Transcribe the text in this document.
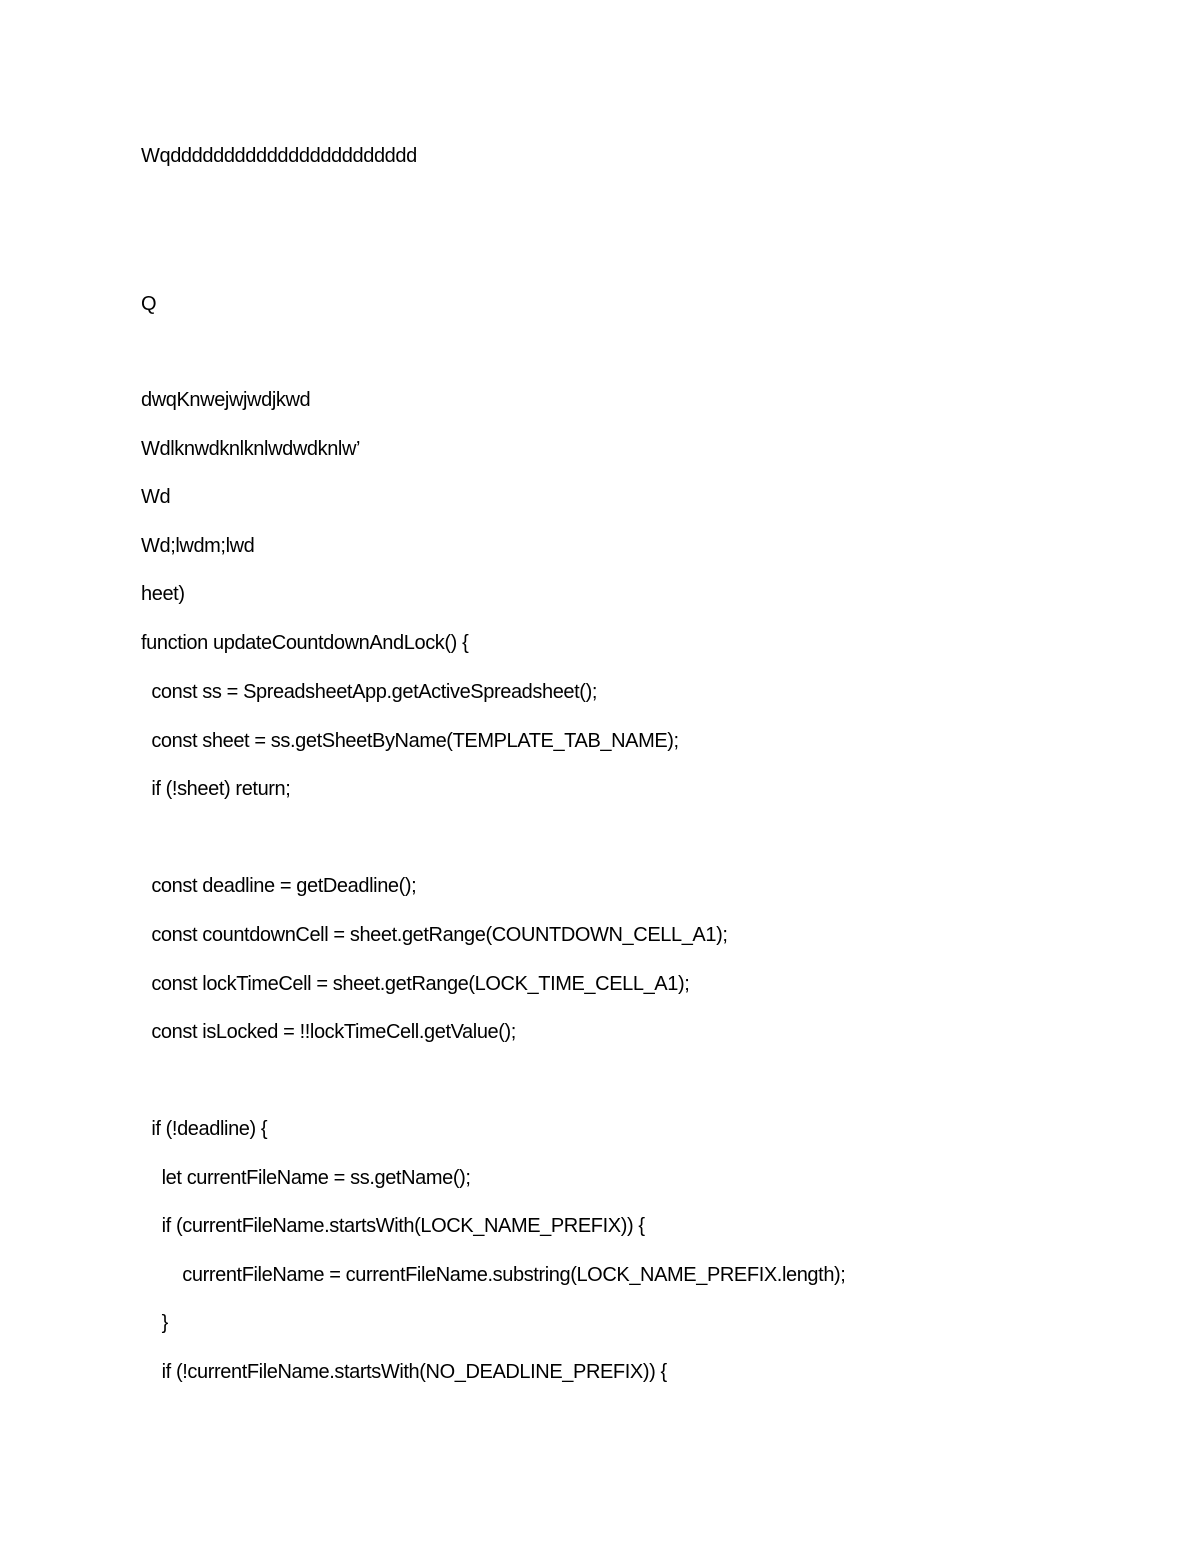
Wqddddddddddddddddddddddd
Q
dwqKnwejwjwdjkwd
Wdlknwdknlknlwdwdknlw’
Wd
Wd;lwdm;lwd
heet)
function updateCountdownAndLock() {
const ss = SpreadsheetApp.getActiveSpreadsheet();
const sheet = ss.getSheetByName(TEMPLATE_TAB_NAME);
if (!sheet) return;
const deadline = getDeadline();
const countdownCell = sheet.getRange(COUNTDOWN_CELL_A1);
const lockTimeCell = sheet.getRange(LOCK_TIME_CELL_A1);
const isLocked = !!lockTimeCell.getValue();
if (!deadline) {
let currentFileName = ss.getName();
if (currentFileName.startsWith(LOCK_NAME_PREFIX)) {
currentFileName = currentFileName.substring(LOCK_NAME_PREFIX.length);
}
if (!currentFileName.startsWith(NO_DEADLINE_PREFIX)) {
